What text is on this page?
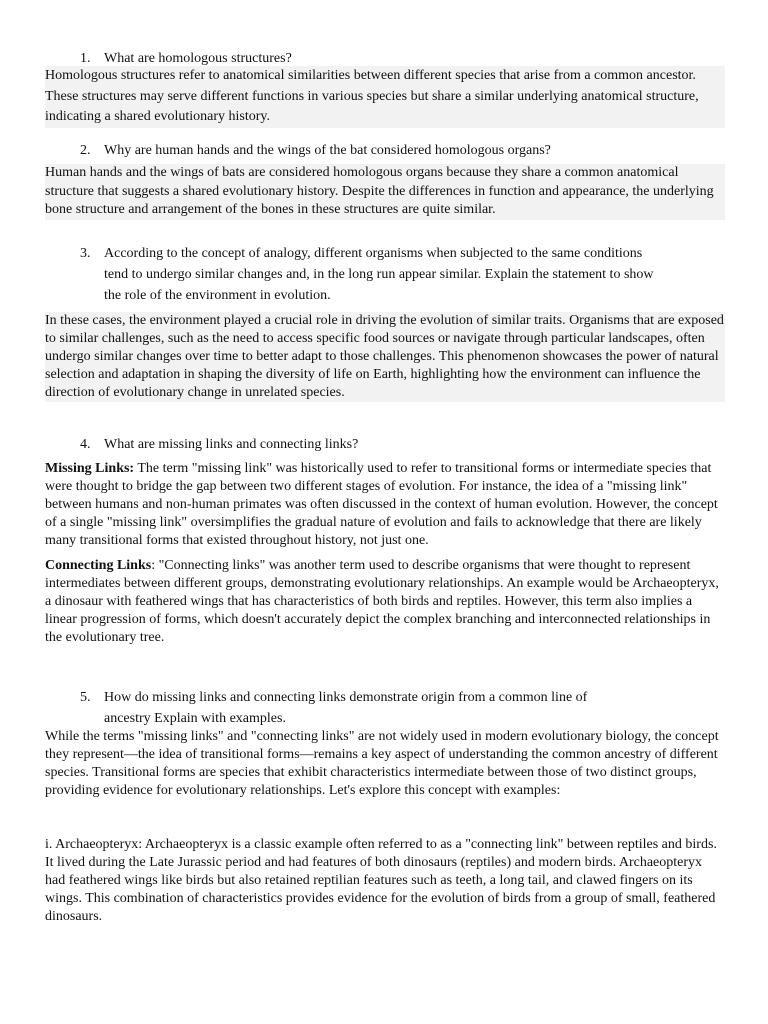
1. What are homologous structures?

Homologous structures refer to anatomical similarities between different species that arise from a common ancestor. These structures may serve different functions in various species but share a similar underlying anatomical structure, indicating a shared evolutionary history.

2. Why are human hands and the wings of the bat considered homologous organs?

Human hands and the wings of bats are considered homologous organs because they share a common anatomical structure that suggests a shared evolutionary history. Despite the differences in function and appearance, the underlying bone structure and arrangement of the bones in these structures are quite similar.

3. According to the concept of analogy, different organisms when subjected to the same conditions tend to undergo similar changes and, in the long run appear similar. Explain the statement to show the role of the environment in evolution.

In these cases, the environment played a crucial role in driving the evolution of similar traits. Organisms that are exposed to similar challenges, such as the need to access specific food sources or navigate through particular landscapes, often undergo similar changes over time to better adapt to those challenges. This phenomenon showcases the power of natural selection and adaptation in shaping the diversity of life on Earth, highlighting how the environment can influence the direction of evolutionary change in unrelated species.

4. What are missing links and connecting links?

Missing Links: The term "missing link" was historically used to refer to transitional forms or intermediate species that were thought to bridge the gap between two different stages of evolution. For instance, the idea of a "missing link" between humans and non-human primates was often discussed in the context of human evolution. However, the concept of a single "missing link" oversimplifies the gradual nature of evolution and fails to acknowledge that there are likely many transitional forms that existed throughout history, not just one.

Connecting Links: "Connecting links" was another term used to describe organisms that were thought to represent intermediates between different groups, demonstrating evolutionary relationships. An example would be Archaeopteryx, a dinosaur with feathered wings that has characteristics of both birds and reptiles. However, this term also implies a linear progression of forms, which doesn't accurately depict the complex branching and interconnected relationships in the evolutionary tree.

5. How do missing links and connecting links demonstrate origin from a common line of ancestry Explain with examples.

While the terms "missing links" and "connecting links" are not widely used in modern evolutionary biology, the concept they represent—the idea of transitional forms—remains a key aspect of understanding the common ancestry of different species. Transitional forms are species that exhibit characteristics intermediate between those of two distinct groups, providing evidence for evolutionary relationships. Let's explore this concept with examples:

i. Archaeopteryx: Archaeopteryx is a classic example often referred to as a "connecting link" between reptiles and birds. It lived during the Late Jurassic period and had features of both dinosaurs (reptiles) and modern birds. Archaeopteryx had feathered wings like birds but also retained reptilian features such as teeth, a long tail, and clawed fingers on its wings. This combination of characteristics provides evidence for the evolution of birds from a group of small, feathered dinosaurs.
